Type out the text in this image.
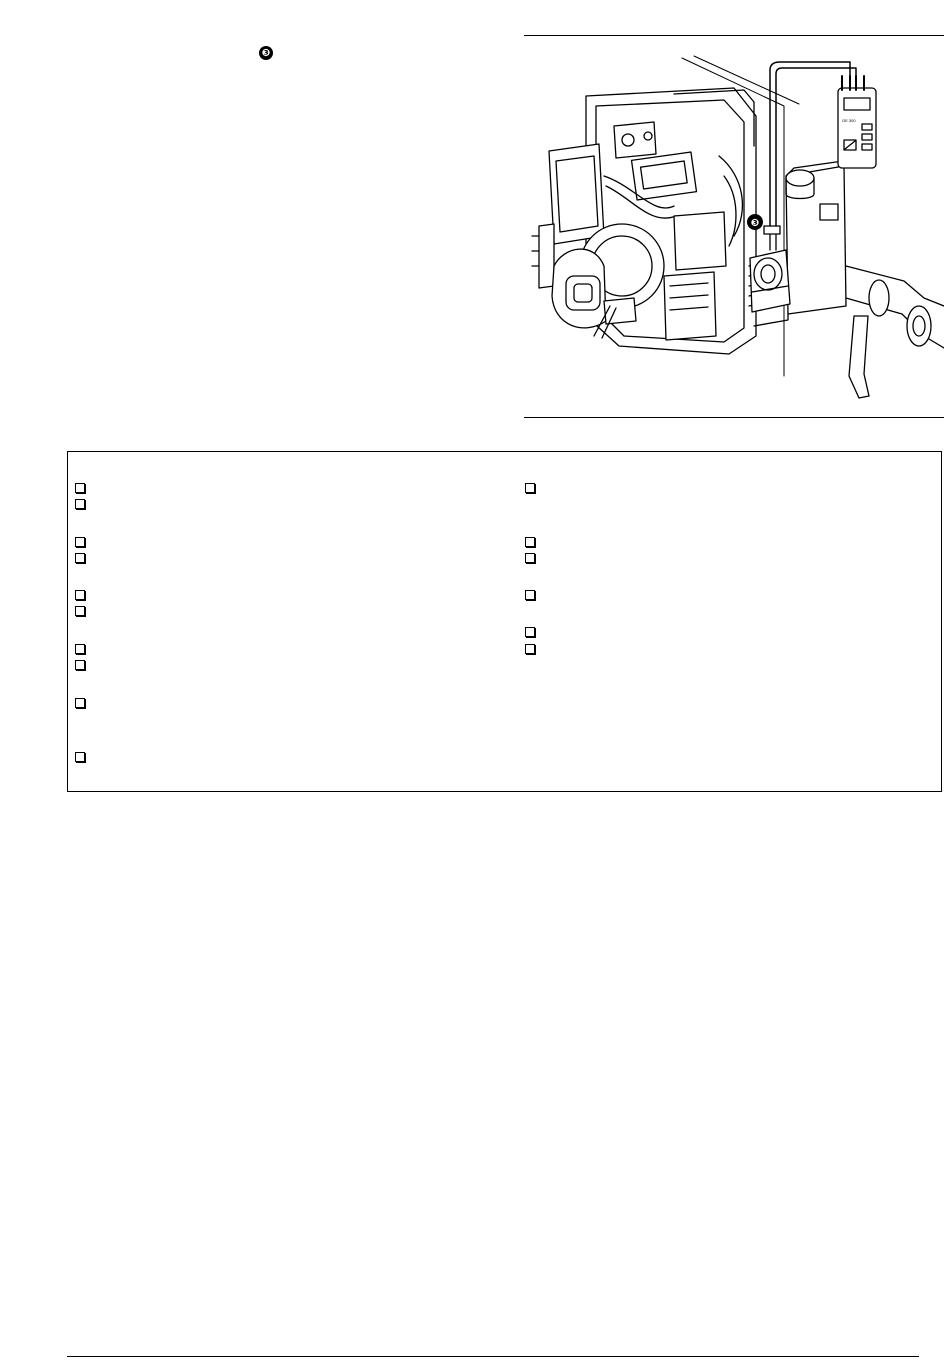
❸
❸
GE 300
